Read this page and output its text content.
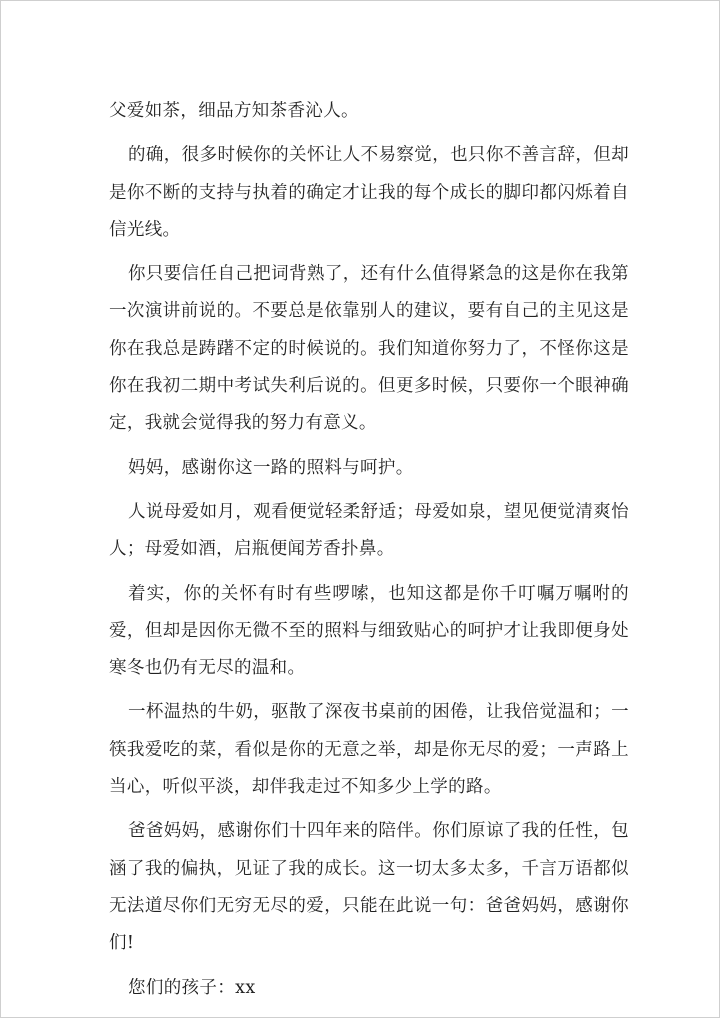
父爱如茶，细品方知茶香沁人。

的确，很多时候你的关怀让人不易察觉，也只你不善言辞，但却是你不断的支持与执着的确定才让我的每个成长的脚印都闪烁着自信光线。

你只要信任自己把词背熟了，还有什么值得紧急的这是你在我第一次演讲前说的。不要总是依靠别人的建议，要有自己的主见这是你在我总是踌躇不定的时候说的。我们知道你努力了，不怪你这是你在我初二期中考试失利后说的。但更多时候，只要你一个眼神确定，我就会觉得我的努力有意义。

妈妈，感谢你这一路的照料与呵护。

人说母爱如月，观看便觉轻柔舒适；母爱如泉，望见便觉清爽怡人；母爱如酒，启瓶便闻芳香扑鼻。

着实，你的关怀有时有些啰嗦，也知这都是你千叮嘱万嘱咐的爱，但却是因你无微不至的照料与细致贴心的呵护才让我即便身处寒冬也仍有无尽的温和。

一杯温热的牛奶，驱散了深夜书桌前的困倦，让我倍觉温和；一筷我爱吃的菜，看似是你的无意之举，却是你无尽的爱；一声路上当心，听似平淡，却伴我走过不知多少上学的路。

爸爸妈妈，感谢你们十四年来的陪伴。你们原谅了我的任性，包涵了我的偏执，见证了我的成长。这一切太多太多，千言万语都似无法道尽你们无穷无尽的爱，只能在此说一句：爸爸妈妈，感谢你们!

您们的孩子：xx
